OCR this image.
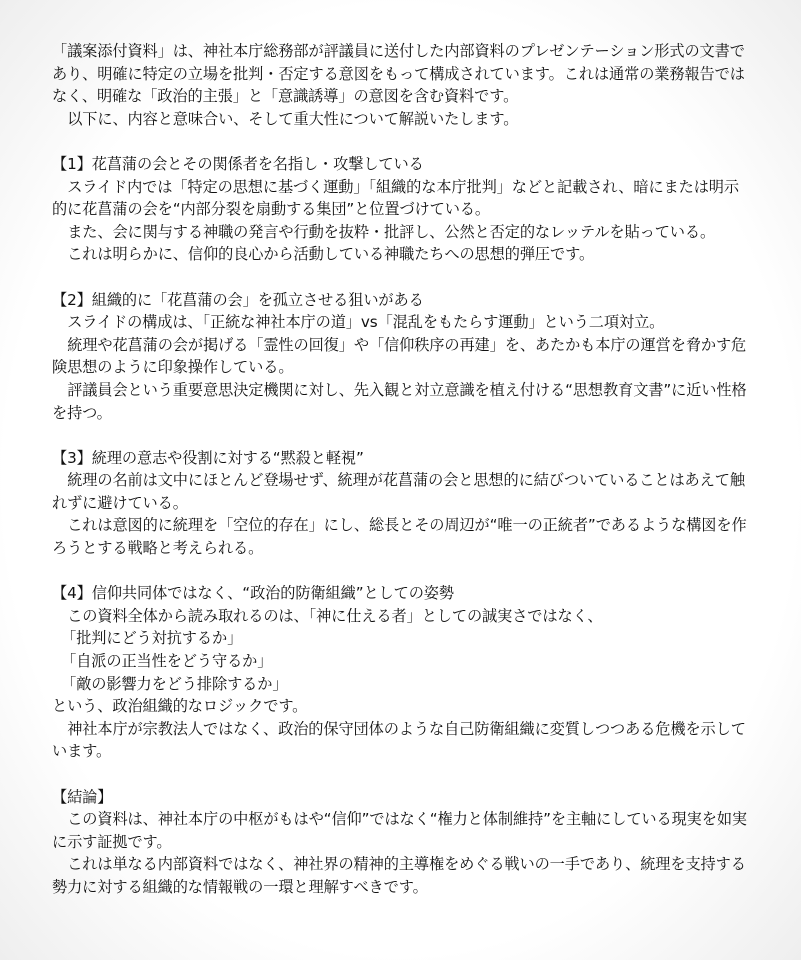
「議案添付資料」は、神社本庁総務部が評議員に送付した内部資料のプレゼンテーション形式の文書であり、明確に特定の立場を批判・否定する意図をもって構成されています。これは通常の業務報告ではなく、明確な「政治的主張」と「意識誘導」の意図を含む資料です。

以下に、内容と意味合い、そして重大性について解説いたします。

【1】花菖蒲の会とその関係者を名指し・攻撃している

スライド内では「特定の思想に基づく運動」「組織的な本庁批判」などと記載され、暗にまたは明示的に花菖蒲の会を“内部分裂を扇動する集団”と位置づけている。

また、会に関与する神職の発言や行動を抜粋・批評し、公然と否定的なレッテルを貼っている。

これは明らかに、信仰的良心から活動している神職たちへの思想的弾圧です。

【2】組織的に「花菖蒲の会」を孤立させる狙いがある

スライドの構成は、「正統な神社本庁の道」vs「混乱をもたらす運動」という二項対立。

統理や花菖蒲の会が掲げる「霊性の回復」や「信仰秩序の再建」を、あたかも本庁の運営を脅かす危険思想のように印象操作している。

評議員会という重要意思決定機関に対し、先入観と対立意識を植え付ける“思想教育文書”に近い性格を持つ。

【3】統理の意志や役割に対する“黙殺と軽視”

統理の名前は文中にほとんど登場せず、統理が花菖蒲の会と思想的に結びついていることはあえて触れずに避けている。

これは意図的に統理を「空位的存在」にし、総長とその周辺が“唯一の正統者”であるような構図を作ろうとする戦略と考えられる。

【4】信仰共同体ではなく、“政治的防衛組織”としての姿勢

この資料全体から読み取れるのは、「神に仕える者」としての誠実さではなく、

「批判にどう対抗するか」

「自派の正当性をどう守るか」

「敵の影響力をどう排除するか」

という、政治組織的なロジックです。

神社本庁が宗教法人ではなく、政治的保守団体のような自己防衛組織に変質しつつある危機を示しています。

【結論】

この資料は、神社本庁の中枢がもはや“信仰”ではなく“権力と体制維持”を主軸にしている現実を如実に示す証拠です。

これは単なる内部資料ではなく、神社界の精神的主導権をめぐる戦いの一手であり、統理を支持する勢力に対する組織的な情報戦の一環と理解すべきです。
